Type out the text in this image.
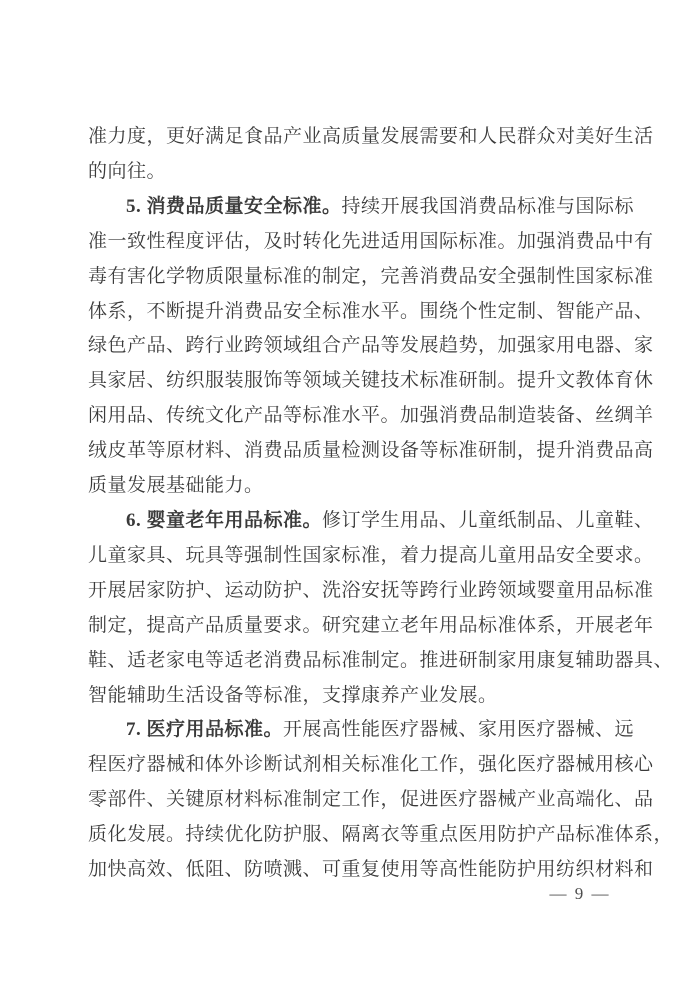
准力度，更好满足食品产业高质量发展需要和人民群众对美好生活
的向往。
5. 消费品质量安全标准。持续开展我国消费品标准与国际标
准一致性程度评估，及时转化先进适用国际标准。加强消费品中有
毒有害化学物质限量标准的制定，完善消费品安全强制性国家标准
体系，不断提升消费品安全标准水平。围绕个性定制、智能产品、
绿色产品、跨行业跨领域组合产品等发展趋势，加强家用电器、家
具家居、纺织服装服饰等领域关键技术标准研制。提升文教体育休
闲用品、传统文化产品等标准水平。加强消费品制造装备、丝绸羊
绒皮革等原材料、消费品质量检测设备等标准研制，提升消费品高
质量发展基础能力。
6. 婴童老年用品标准。修订学生用品、儿童纸制品、儿童鞋、
儿童家具、玩具等强制性国家标准，着力提高儿童用品安全要求。
开展居家防护、运动防护、洗浴安抚等跨行业跨领域婴童用品标准
制定，提高产品质量要求。研究建立老年用品标准体系，开展老年
鞋、适老家电等适老消费品标准制定。推进研制家用康复辅助器具、
智能辅助生活设备等标准，支撑康养产业发展。
7. 医疗用品标准。开展高性能医疗器械、家用医疗器械、远
程医疗器械和体外诊断试剂相关标准化工作，强化医疗器械用核心
零部件、关键原材料标准制定工作，促进医疗器械产业高端化、品
质化发展。持续优化防护服、隔离衣等重点医用防护产品标准体系，
加快高效、低阻、防喷溅、可重复使用等高性能防护用纺织材料和
— 9 —
